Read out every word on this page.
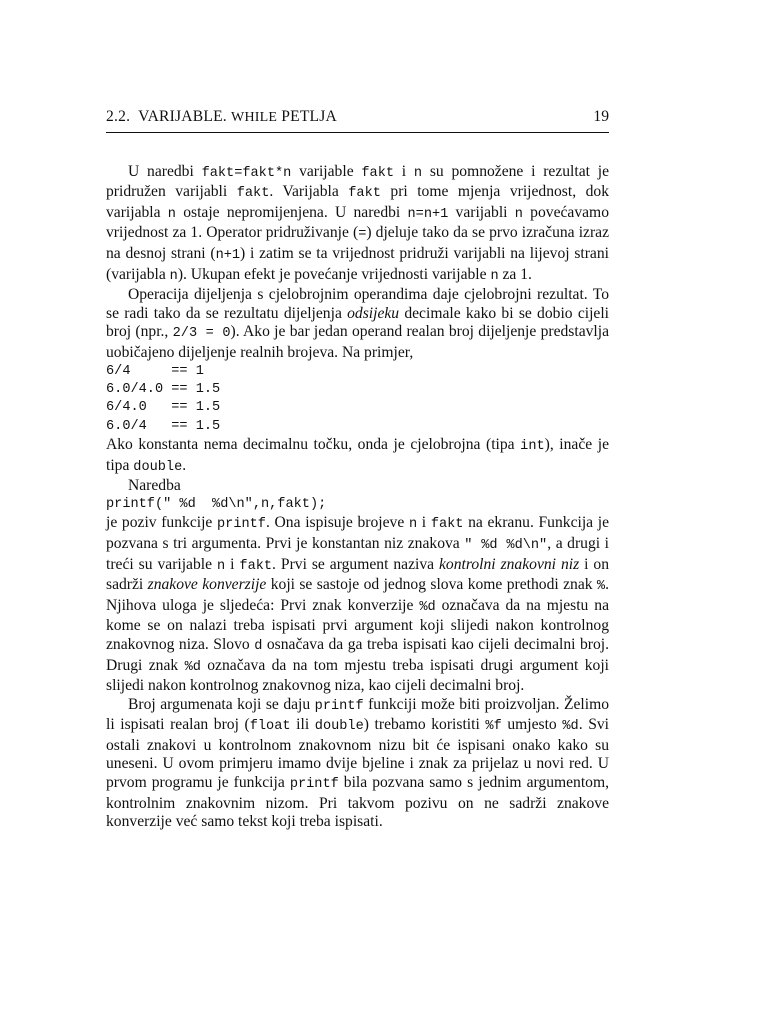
2.2. VARIJABLE. WHILE PETLJA	19

U naredbi fakt=fakt*n varijable fakt i n su pomnožene i rezultat je pridružen varijabli fakt. Varijabla fakt pri tome mjenja vrijednost, dok varijabla n ostaje nepromijenjena. U naredbi n=n+1 varijabli n povećavamo vrijednost za 1. Operator pridruživanje (=) djeluje tako da se prvo izračuna izraz na desnoj strani (n+1) i zatim se ta vrijednost pridruži varijabli na lijevoj strani (varijabla n). Ukupan efekt je povećanje vrijednosti varijable n za 1.

Operacija dijeljenja s cjelobrojnim operandima daje cjelobrojni rezultat. To se radi tako da se rezultatu dijeljenja odsijeku decimale kako bi se dobio cijeli broj (npr., 2/3 = 0). Ako je bar jedan operand realan broj dijeljenje predstavlja uobičajeno dijeljenje realnih brojeva. Na primjer,

6/4     == 1
6.0/4.0 == 1.5
6/4.0   == 1.5
6.0/4   == 1.5

Ako konstanta nema decimalnu točku, onda je cjelobrojna (tipa int), inače je tipa double.

Naredba

printf(" %d  %d\n",n,fakt);

je poziv funkcije printf. Ona ispisuje brojeve n i fakt na ekranu. Funkcija je pozvana s tri argumenta. Prvi je konstantan niz znakova " %d %d\n", a drugi i treći su varijable n i fakt. Prvi se argument naziva kontrolni znakovni niz i on sadrži znakove konverzije koji se sastoje od jednog slova kome prethodi znak %. Njihova uloga je sljedeća: Prvi znak konverzije %d označava da na mjestu na kome se on nalazi treba ispisati prvi argument koji slijedi nakon kontrolnog znakovnog niza. Slovo d osnačava da ga treba ispisati kao cijeli decimalni broj. Drugi znak %d označava da na tom mjestu treba ispisati drugi argument koji slijedi nakon kontrolnog znakovnog niza, kao cijeli decimalni broj.

Broj argumenata koji se daju printf funkciji može biti proizvoljan. Želimo li ispisati realan broj (float ili double) trebamo koristiti %f umjesto %d. Svi ostali znakovi u kontrolnom znakovnom nizu bit će ispisani onako kako su uneseni. U ovom primjeru imamo dvije bjeline i znak za prijelaz u novi red. U prvom programu je funkcija printf bila pozvana samo s jednim argumentom, kontrolnim znakovnim nizom. Pri takvom pozivu on ne sadrži znakove konverzije već samo tekst koji treba ispisati.
